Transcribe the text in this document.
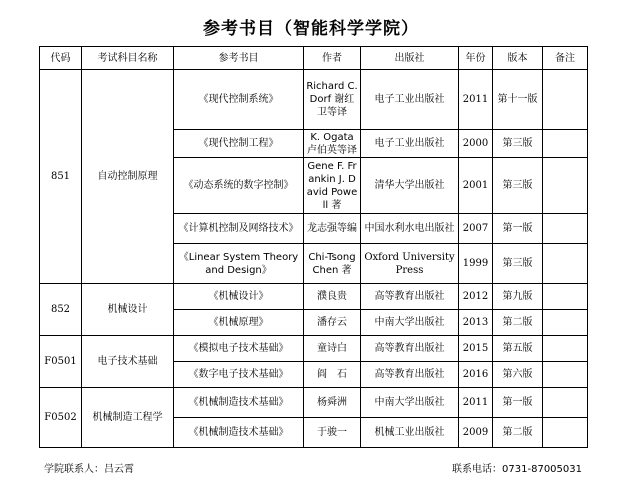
参考书目（智能科学学院）
代码	考试科目名称	参考书目	作者	出版社	年份	版本	备注
851	自动控制原理	《现代控制系统》	Richard C. Dorf 谢红卫等译	电子工业出版社	2011	第十一版	
		《现代控制工程》	K. Ogata 卢伯英等译	电子工业出版社	2000	第三版	
		《动态系统的数字控制》	Gene F. Frankin J. David Powell 著	清华大学出版社	2001	第三版	
		《计算机控制及网络技术》	龙志强等编	中国水利水电出版社	2007	第一版	
		《Linear System Theory and Design》	Chi-Tsong Chen 著	Oxford University Press	1999	第三版	
852	机械设计	《机械设计》	濮良贵	高等教育出版社	2012	第九版	
		《机械原理》	潘存云	中南大学出版社	2013	第二版	
F0501	电子技术基础	《模拟电子技术基础》	童诗白	高等教育出版社	2015	第五版	
		《数字电子技术基础》	阎　石	高等教育出版社	2016	第六版	
F0502	机械制造工程学	《机械制造技术基础》	杨舜洲	中南大学出版社	2011	第一版	
		《机械制造技术基础》	于骏一	机械工业出版社	2009	第二版	
学院联系人：吕云霄	联系电话：0731-87005031
